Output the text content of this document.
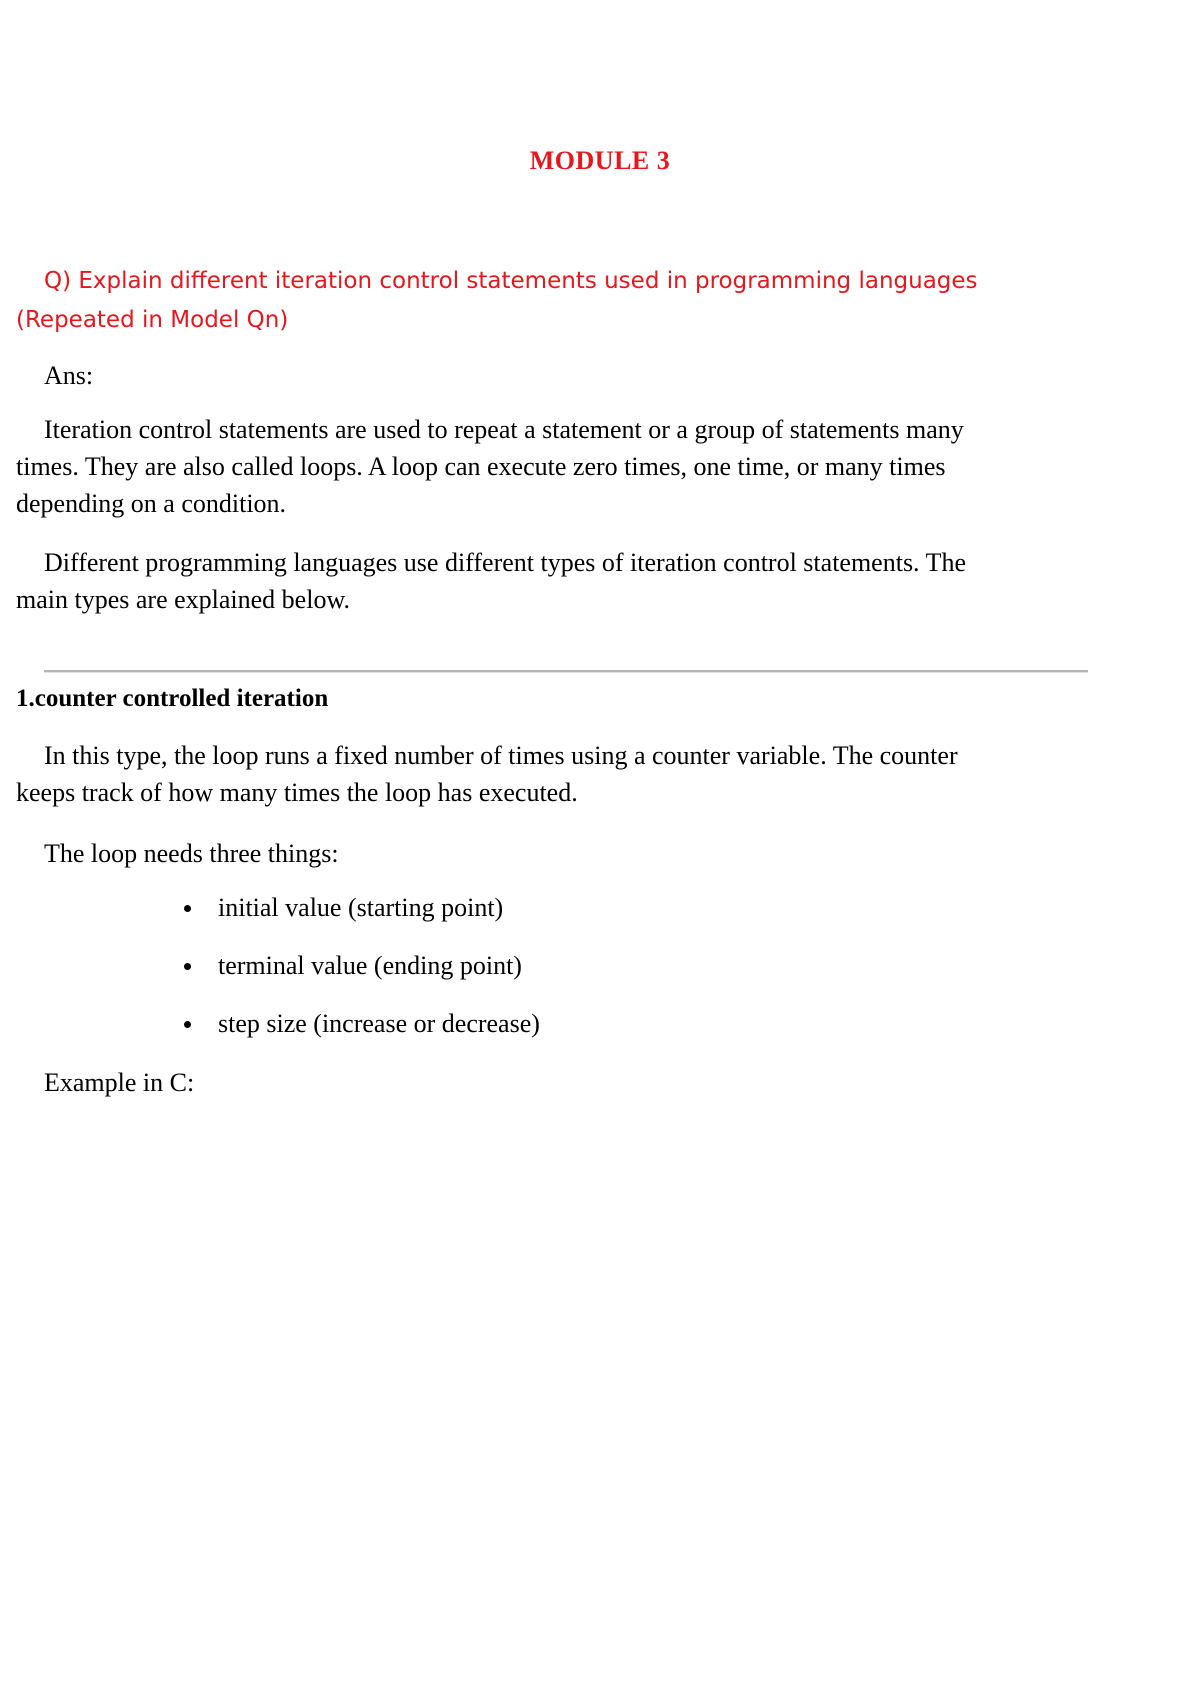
MODULE 3
Q) Explain different iteration control statements used in programming languages
(Repeated in Model Qn)
Ans:
Iteration control statements are used to repeat a statement or a group of statements many
times. They are also called loops. A loop can execute zero times, one time, or many times
depending on a condition.
Different programming languages use different types of iteration control statements. The
main types are explained below.
1.counter controlled iteration
In this type, the loop runs a fixed number of times using a counter variable. The counter
keeps track of how many times the loop has executed.
The loop needs three things:
initial value (starting point)
terminal value (ending point)
step size (increase or decrease)
Example in C:
